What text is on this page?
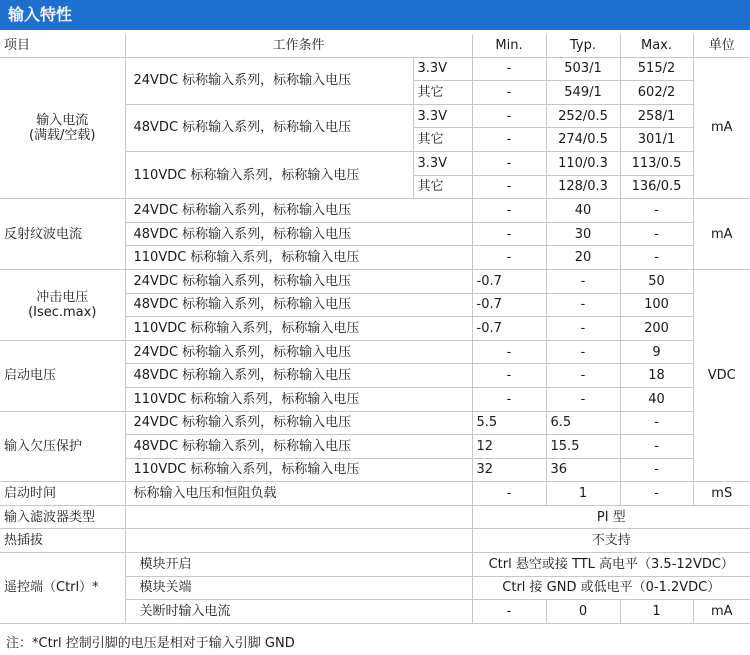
输入特性
项目	工作条件		Min.	Typ.	Max.	单位

输入电流
(满载/空载)	24VDC 标称输入系列，标称输入电压	3.3V	-	503/1	515/2	mA
		其它	-	549/1	602/2	
	48VDC 标称输入系列，标称输入电压	3.3V	-	252/0.5	258/1	
		其它	-	274/0.5	301/1	
	110VDC 标称输入系列，标称输入电压	3.3V	-	110/0.3	113/0.5	
		其它	-	128/0.3	136/0.5	
反射纹波电流	24VDC 标称输入系列，标称输入电压		-	40	-	mA
	48VDC 标称输入系列，标称输入电压		-	30	-	
	110VDC 标称输入系列，标称输入电压		-	20	-	

冲击电压
(Isec.max)	24VDC 标称输入系列，标称输入电压		-0.7	-	50	VDC
	48VDC 标称输入系列，标称输入电压		-0.7	-	100	
	110VDC 标称输入系列，标称输入电压		-0.7	-	200	
启动电压	24VDC 标称输入系列，标称输入电压		-	-	9	
	48VDC 标称输入系列，标称输入电压		-	-	18	
	110VDC 标称输入系列，标称输入电压		-	-	40	
输入欠压保护	24VDC 标称输入系列，标称输入电压		5.5	6.5	-	
	48VDC 标称输入系列，标称输入电压		12	15.5	-	
	110VDC 标称输入系列，标称输入电压		32	36	-	
启动时间	标称输入电压和恒阻负载		-	1	-	mS
输入滤波器类型			PI 型			
热插拔			不支持			
遥控端（Ctrl）*	模块开启		Ctrl 悬空或接 TTL 高电平（3.5-12VDC）			
	模块关端		Ctrl 接 GND 或低电平（0-1.2VDC）			
	关断时输入电流		-	0	1	mA
注：*Ctrl 控制引脚的电压是相对于输入引脚 GND
